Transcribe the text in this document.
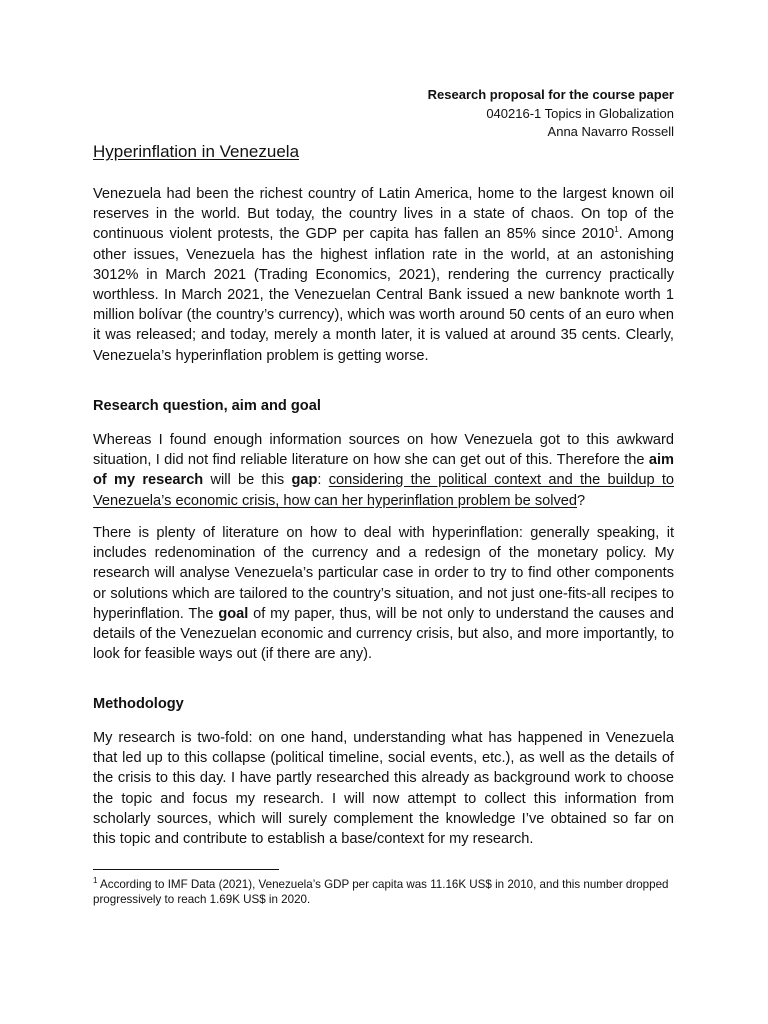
Research proposal for the course paper
040216-1 Topics in Globalization
Anna Navarro Rossell
Hyperinflation in Venezuela

Venezuela had been the richest country of Latin America, home to the largest known oil reserves in the world. But today, the country lives in a state of chaos. On top of the continuous violent protests, the GDP per capita has fallen an 85% since 2010$^1$. Among other issues, Venezuela has the highest inflation rate in the world, at an astonishing 3012% in March 2021 (Trading Economics, 2021), rendering the currency practically worthless. In March 2021, the Venezuelan Central Bank issued a new banknote worth 1 million bolívar (the country’s currency), which was worth around 50 cents of an euro when it was released; and today, merely a month later, it is valued at around 35 cents. Clearly, Venezuela’s hyperinflation problem is getting worse.

Research question, aim and goal

Whereas I found enough information sources on how Venezuela got to this awkward situation, I did not find reliable literature on how she can get out of this. Therefore the aim of my research will be this gap: considering the political context and the buildup to Venezuela’s economic crisis, how can her hyperinflation problem be solved?

There is plenty of literature on how to deal with hyperinflation: generally speaking, it includes redenomination of the currency and a redesign of the monetary policy. My research will analyse Venezuela’s particular case in order to try to find other components or solutions which are tailored to the country’s situation, and not just one-fits-all recipes to hyperinflation. The goal of my paper, thus, will be not only to understand the causes and details of the Venezuelan economic and currency crisis, but also, and more importantly, to look for feasible ways out (if there are any).

Methodology

My research is two-fold: on one hand, understanding what has happened in Venezuela that led up to this collapse (political timeline, social events, etc.), as well as the details of the crisis to this day. I have partly researched this already as background work to choose the topic and focus my research. I will now attempt to collect this information from scholarly sources, which will surely complement the knowledge I’ve obtained so far on this topic and contribute to establish a base/context for my research.

$^1$ According to IMF Data (2021), Venezuela’s GDP per capita was 11.16K US$ in 2010, and this number dropped progressively to reach 1.69K US$ in 2020.
